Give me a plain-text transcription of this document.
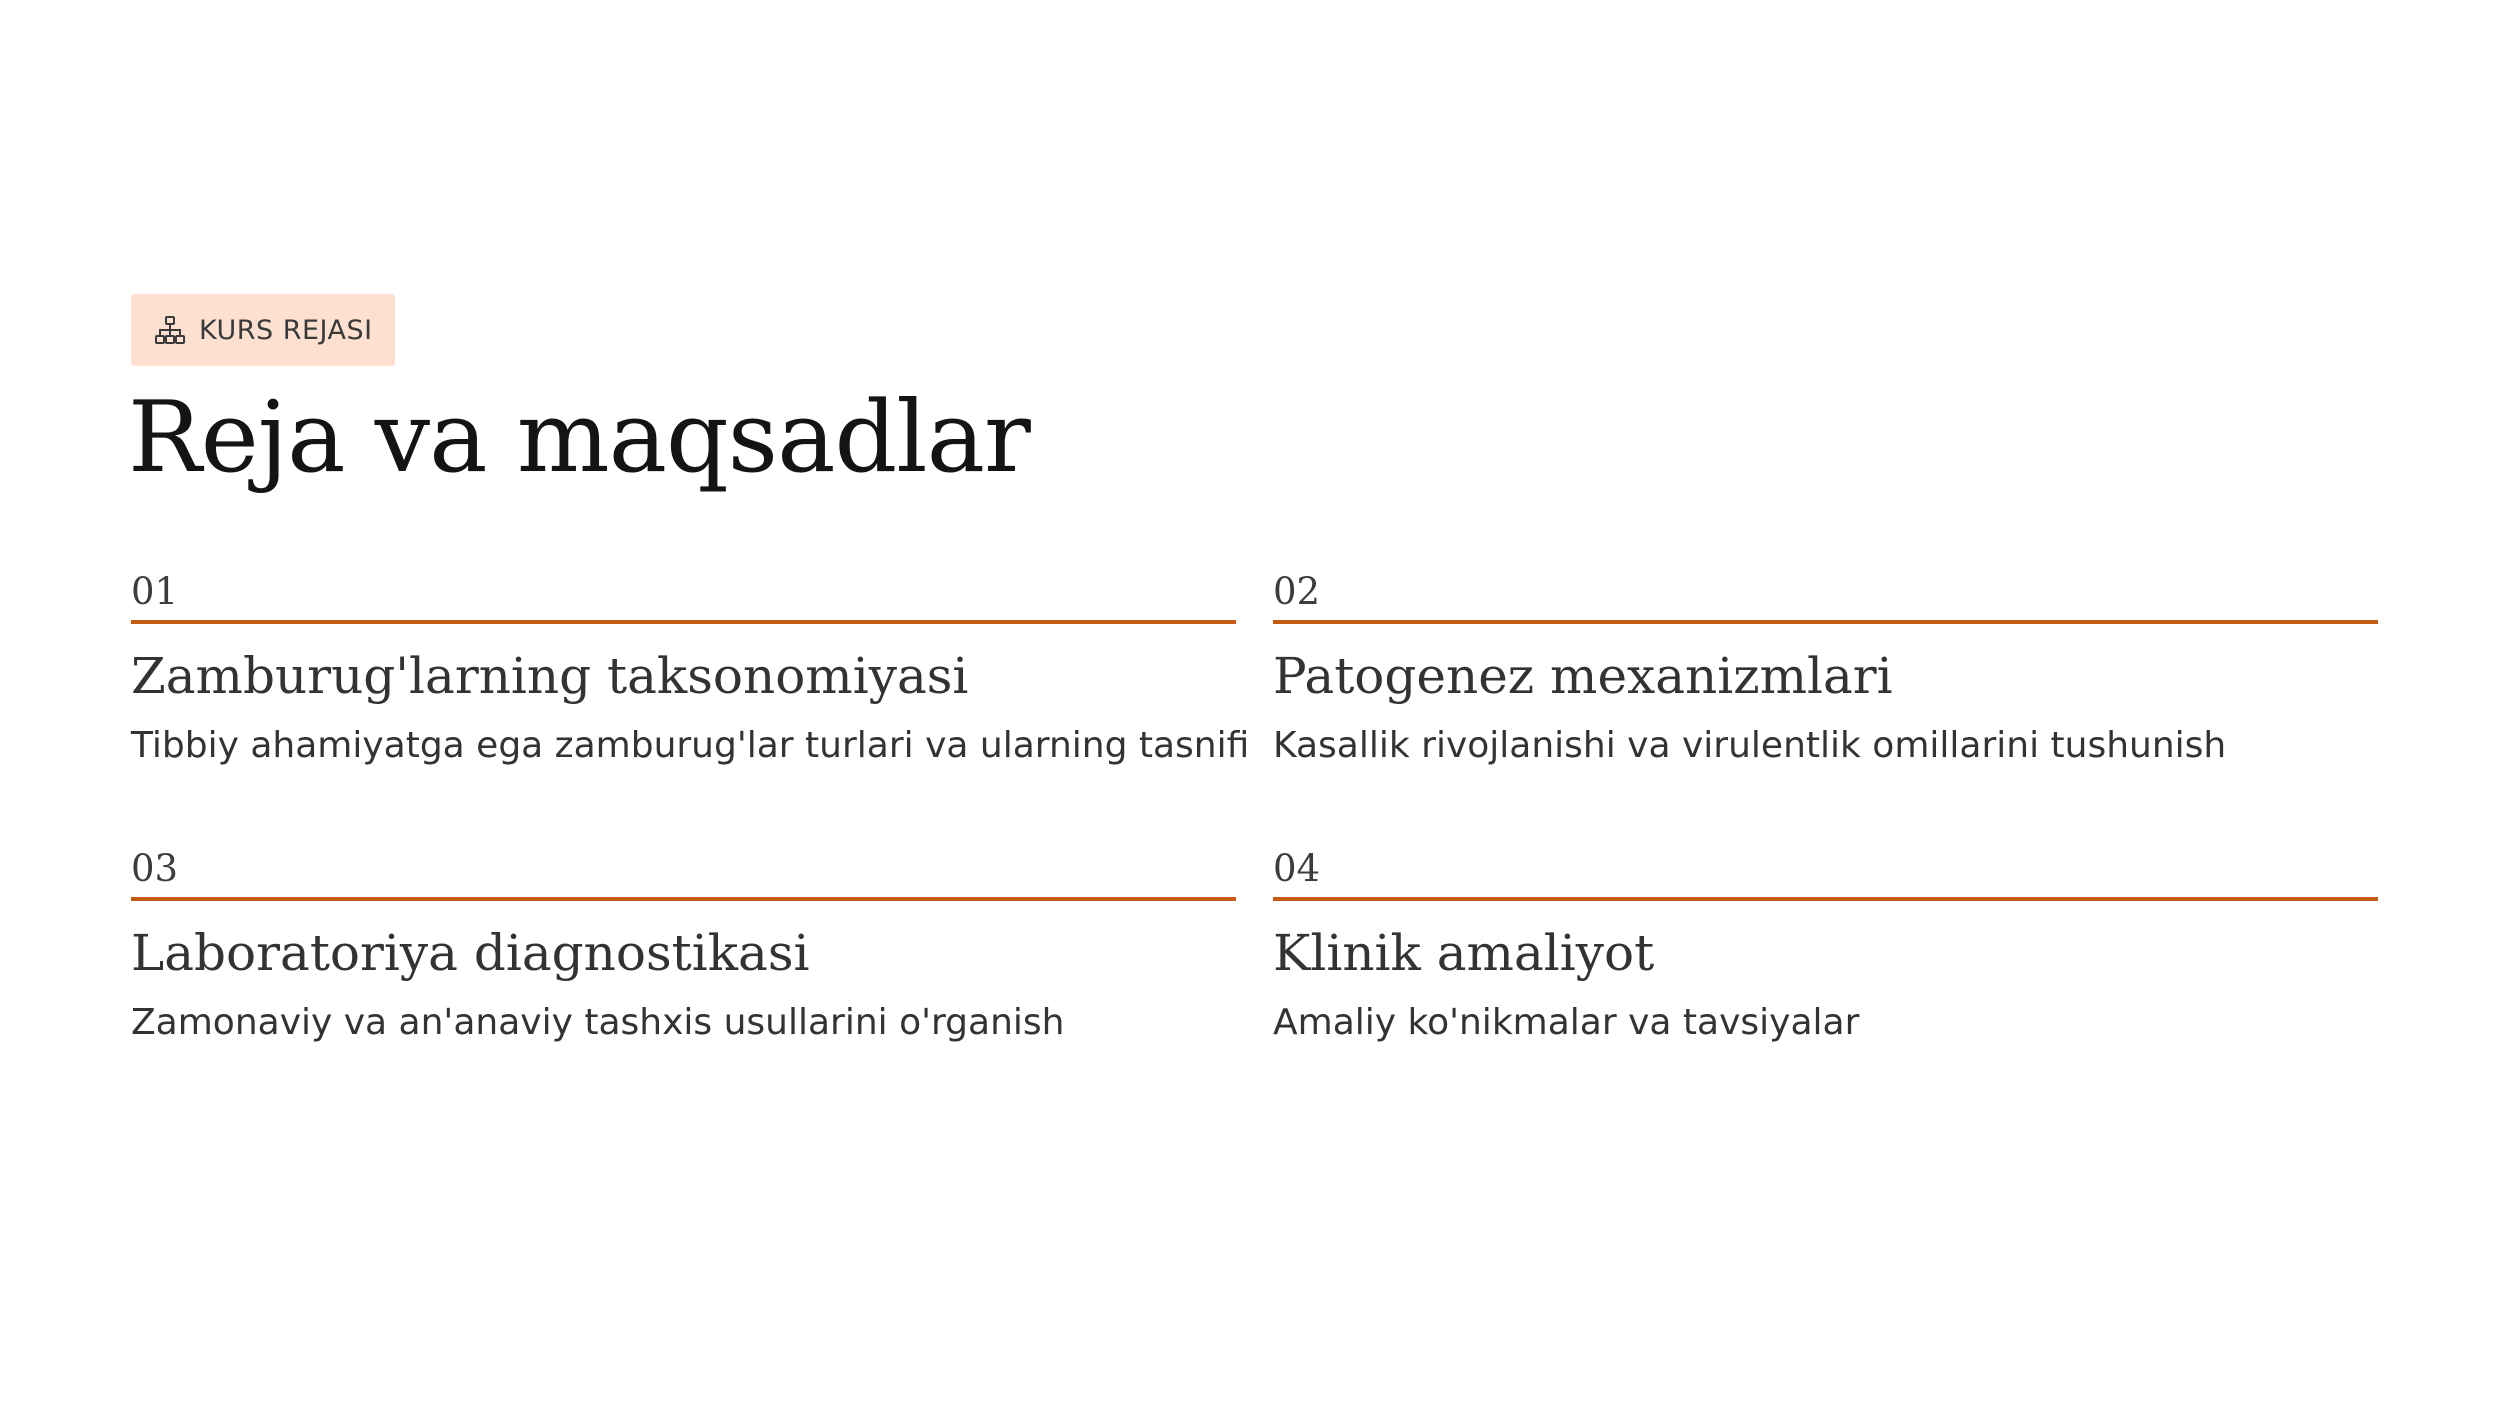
KURS REJASI
Reja va maqsadlar
01
Zamburug'larning taksonomiyasi
Tibbiy ahamiyatga ega zamburug'lar turlari va ularning tasnifi
02
Patogenez mexanizmlari
Kasallik rivojlanishi va virulentlik omillarini tushunish
03
Laboratoriya diagnostikasi
Zamonaviy va an'anaviy tashxis usullarini o'rganish
04
Klinik amaliyot
Amaliy ko'nikmalar va tavsiyalar
